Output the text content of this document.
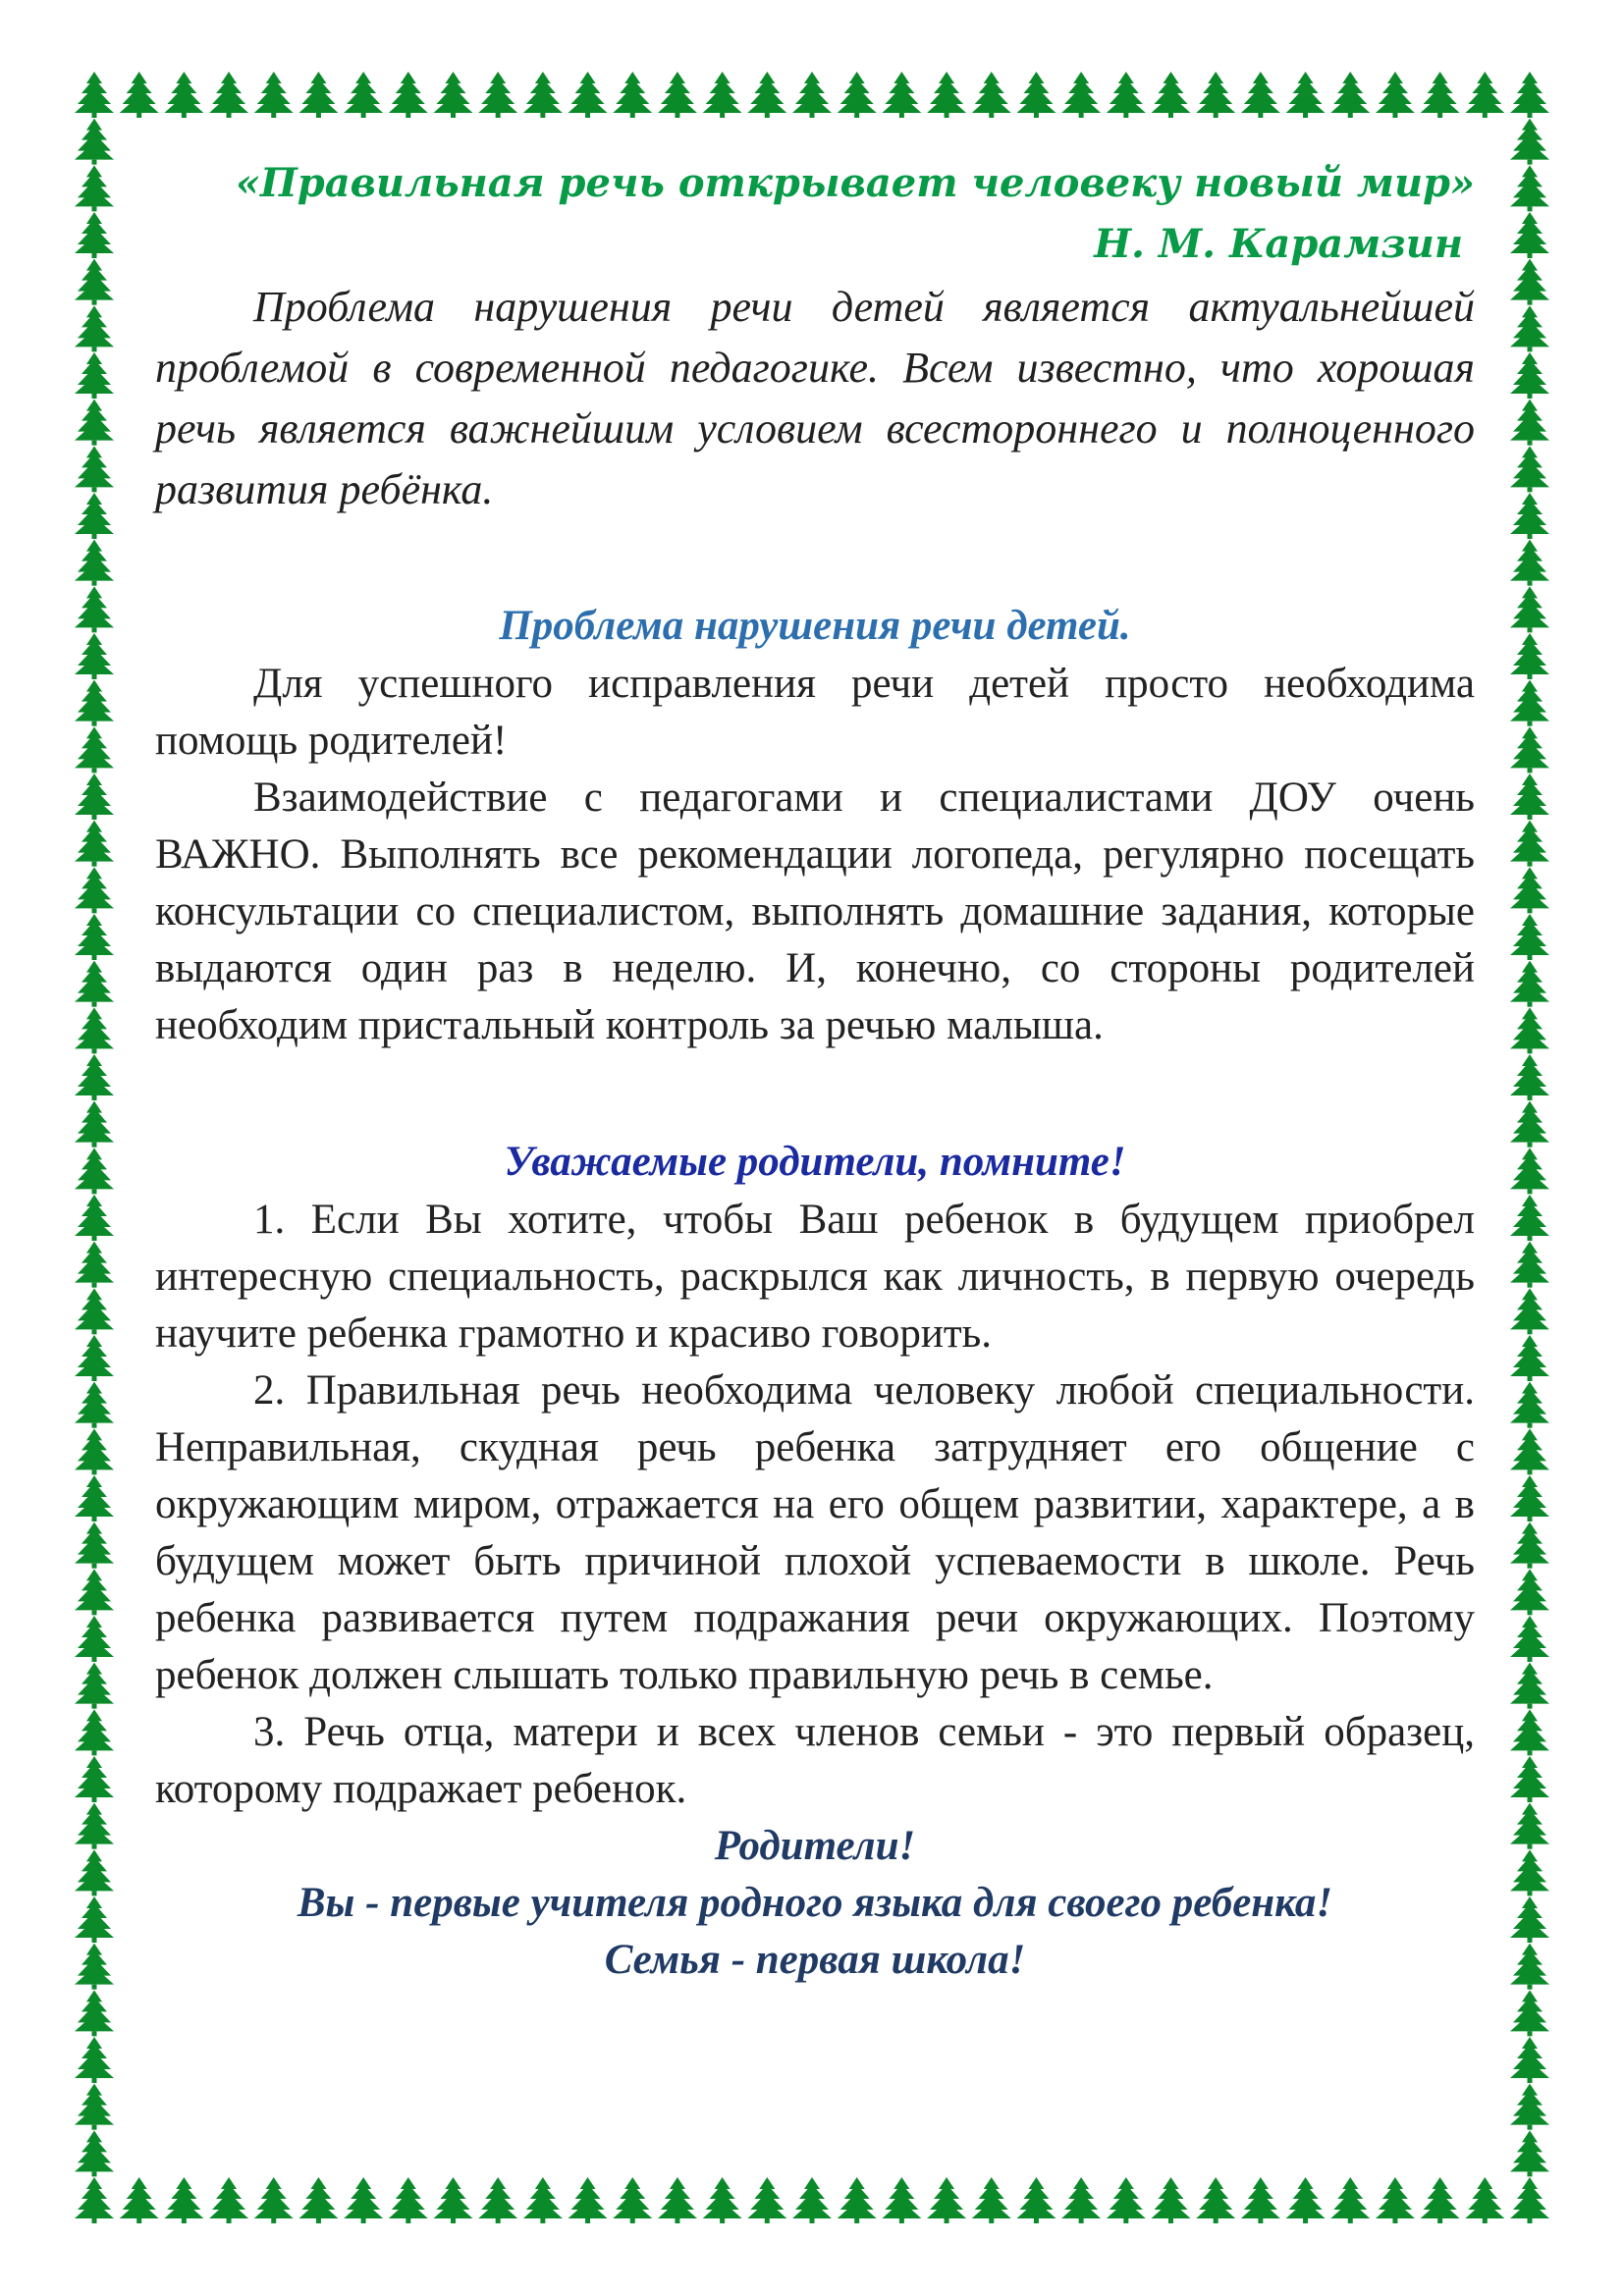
«Правильная речь открывает человеку новый мир»

Н. М. Карамзин

Проблема нарушения речи детей является актуальнейшей проблемой в современной педагогике. Всем известно, что хорошая речь является важнейшим условием всестороннего и полноценного развития ребёнка.

Проблема нарушения речи детей.

Для успешного исправления речи детей просто необходима помощь родителей!

Взаимодействие с педагогами и специалистами ДОУ очень ВАЖНО. Выполнять все рекомендации логопеда, регулярно посещать консультации со специалистом, выполнять домашние задания, которые выдаются один раз в неделю. И, конечно, со стороны родителей необходим пристальный контроль за речью малыша.

Уважаемые родители, помните!

1. Если Вы хотите, чтобы Ваш ребенок в будущем приобрел интересную специальность, раскрылся как личность, в первую очередь научите ребенка грамотно и красиво говорить.

2. Правильная речь необходима человеку любой специальности. Неправильная, скудная речь ребенка затрудняет его общение с окружающим миром, отражается на его общем развитии, характере, а в будущем может быть причиной плохой успеваемости в школе. Речь ребенка развивается путем подражания речи окружающих. Поэтому ребенок должен слышать только правильную речь в семье.

3. Речь отца, матери и всех членов семьи - это первый образец, которому подражает ребенок.

Родители!

Вы - первые учителя родного языка для своего ребенка!

Семья - первая школа!
